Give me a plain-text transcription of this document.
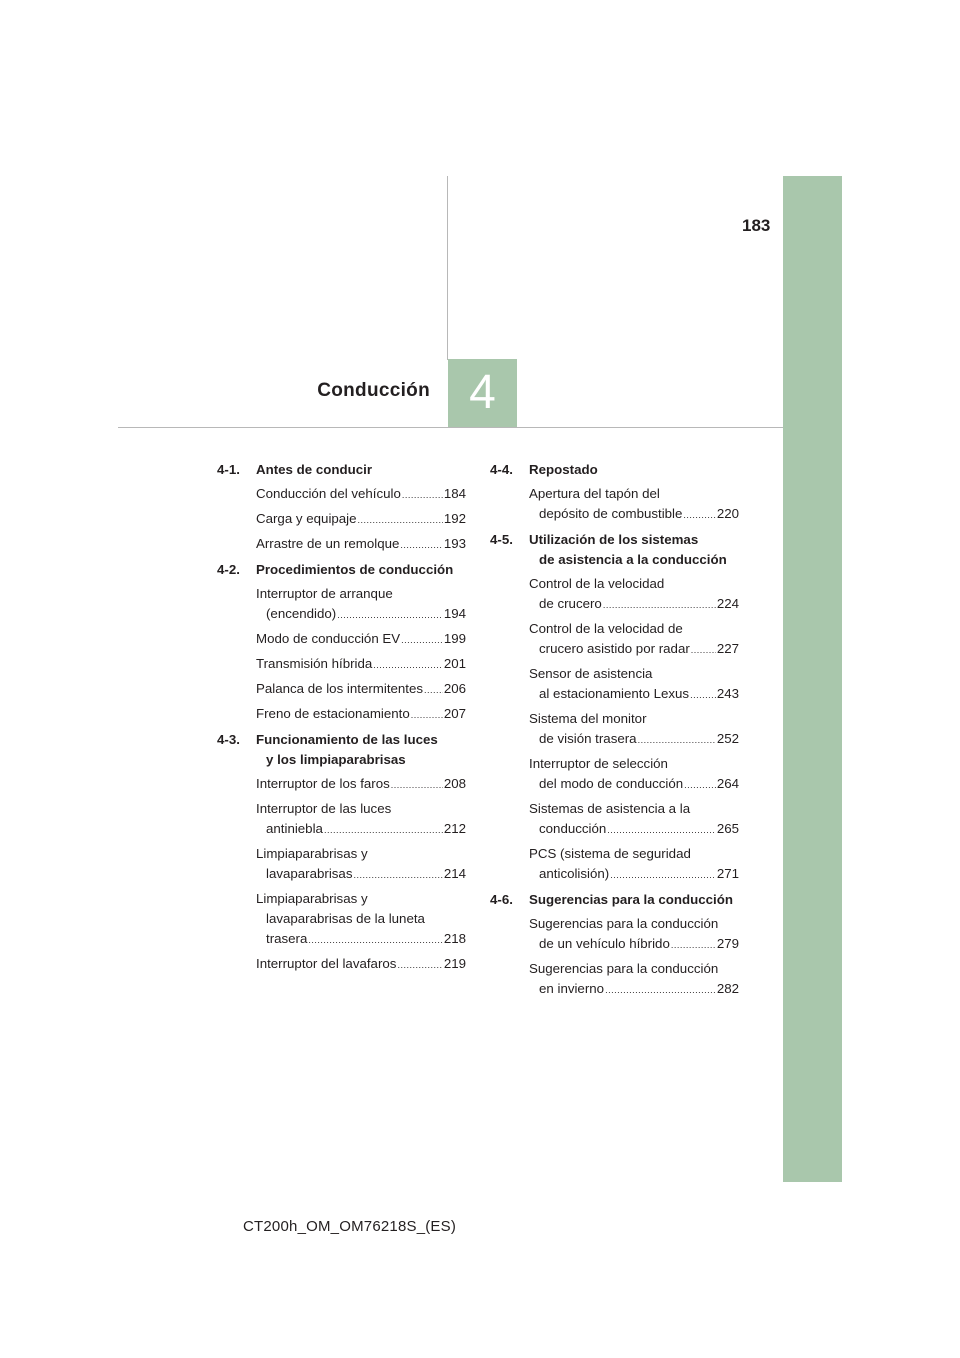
183
Conducción 4
4-1. Antes de conducir
Conducción del vehículo .....	184
Carga y equipaje .....	192
Arrastre de un remolque .....	193
4-2. Procedimientos de conducción
Interruptor de arranque
(encendido) .....	194
Modo de conducción EV .....	199
Transmisión híbrida .....	201
Palanca de los intermitentes ..... 206
Freno de estacionamiento .....	207
4-3. Funcionamiento de las luces
y los limpiaparabrisas
Interruptor de los faros .....	208
Interruptor de las luces
antiniebla .....	212
Limpiaparabrisas y
lavaparabrisas .....	214
Limpiaparabrisas y
lavaparabrisas de la luneta
trasera .....	218
Interruptor del lavafaros .....	219
4-4. Repostado
Apertura del tapón del
depósito de combustible .....	220
4-5. Utilización de los sistemas
de asistencia a la conducción
Control de la velocidad
de crucero .....	224
Control de la velocidad de
crucero asistido por radar ..... 227
Sensor de asistencia
al estacionamiento Lexus ..... 243
Sistema del monitor
de visión trasera .....	252
Interruptor de selección
del modo de conducción .....	264
Sistemas de asistencia a la
conducción .....	265
PCS (sistema de seguridad
anticolisión) .....	271
4-6. Sugerencias para la conducción
Sugerencias para la conducción
de un vehículo híbrido .....	279
Sugerencias para la conducción
en invierno .....	282
CT200h_OM_OM76218S_(ES)
